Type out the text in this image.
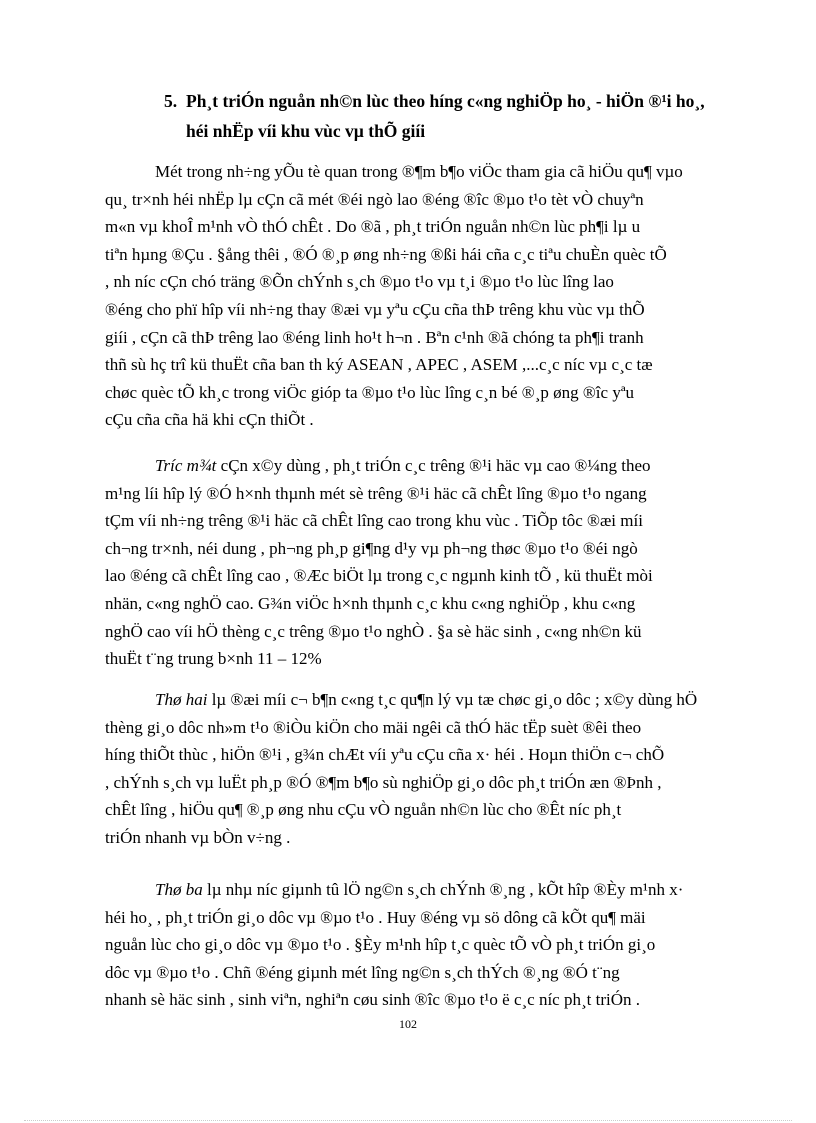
5. Ph¸t triÓn nguån nh©n lùc theo híng c«ng nghiÖp ho¸ - hiÖn ®¹i ho¸,
héi nhËp víi khu vùc vµ thÕ giíi
Mét trong nh÷ng yÕu tè quan trong ®¶m b¶o viÖc tham gia cã hiÖu qu¶ vµo
qu¸ tr×nh héi nhËp lµ cÇn cã mét ®éi ngò lao ®éng ®îc ®µo t¹o tèt vÒ chuyªn
m«n vµ khoÎ m¹nh vÒ thÓ chÊt . Do ®ã , ph¸t triÓn nguån nh©n lùc ph¶i lµ u
tiªn hµng ®Çu . §ång thêi , ®Ó ®¸p øng nh÷ng ®ßi hái cña c¸c tiªu chuÈn quèc tÕ
, nh níc cÇn chó träng ®Õn chÝnh s¸ch ®µo t¹o vµ t¸i ®µo t¹o lùc lîng lao
®éng cho phï hîp víi nh÷ng thay ®æi vµ yªu cÇu cña thÞ trêng khu vùc vµ thÕ
giíi , cÇn cã thÞ trêng lao ®éng linh ho¹t h¬n . Bªn c¹nh ®ã chóng ta ph¶i tranh
thñ sù hç trî kü thuËt cña ban th ký ASEAN , APEC , ASEM ,...c¸c níc vµ c¸c tæ
chøc quèc tÕ kh¸c trong viÖc gióp ta ®µo t¹o lùc lîng c¸n bé ®¸p øng ®îc yªu
cÇu cña cña hä khi cÇn thiÕt .
Tríc m¾t cÇn x©y dùng , ph¸t triÓn c¸c trêng ®¹i häc vµ cao ®¼ng theo
m¹ng líi hîp lý ®Ó h×nh thµnh mét sè trêng ®¹i häc cã chÊt lîng ®µo t¹o ngang
tÇm víi nh÷ng trêng ®¹i häc cã chÊt lîng cao trong khu vùc . TiÕp tôc ®æi míi
ch¬ng tr×nh, néi dung , ph¬ng ph¸p gi¶ng d¹y vµ ph¬ng thøc ®µo t¹o ®éi ngò
lao ®éng cã chÊt lîng cao , ®Æc biÖt lµ trong c¸c ngµnh kinh tÕ , kü thuËt mòi
nhän, c«ng nghÖ cao. G¾n viÖc h×nh thµnh c¸c khu c«ng nghiÖp , khu c«ng
nghÖ cao víi hÖ thèng c¸c trêng ®µo t¹o nghÒ . §a sè häc sinh , c«ng nh©n kü
thuËt t¨ng trung b×nh 11 – 12%
Thø hai lµ ®æi míi c¬ b¶n c«ng t¸c qu¶n lý vµ tæ chøc gi¸o dôc ; x©y dùng hÖ
thèng gi¸o dôc nh»m t¹o ®iÒu kiÖn cho mäi ngêi cã thÓ häc tËp suèt ®êi theo
híng thiÕt thùc , hiÖn ®¹i , g¾n chÆt víi yªu cÇu cña x· héi . Hoµn thiÖn c¬ chÕ
, chÝnh s¸ch vµ luËt ph¸p ®Ó ®¶m b¶o sù nghiÖp gi¸o dôc ph¸t triÓn æn ®Þnh ,
chÊt lîng , hiÖu qu¶ ®¸p øng nhu cÇu vÒ nguån nh©n lùc cho ®Êt níc ph¸t
triÓn nhanh vµ bÒn v÷ng .
Thø ba lµ nhµ níc giµnh tû lÖ ng©n s¸ch chÝnh ®¸ng , kÕt hîp ®Èy m¹nh x·
héi ho¸ , ph¸t triÓn gi¸o dôc vµ ®µo t¹o . Huy ®éng vµ sö dông cã kÕt qu¶ mäi
nguån lùc cho gi¸o dôc vµ ®µo t¹o . §Èy m¹nh hîp t¸c quèc tÕ vÒ ph¸t triÓn gi¸o
dôc vµ ®µo t¹o . Chñ ®éng giµnh mét lîng ng©n s¸ch thÝch ®¸ng ®Ó t¨ng
nhanh sè häc sinh , sinh viªn, nghiªn cøu sinh ®îc ®µo t¹o ë c¸c níc ph¸t triÓn .
102
